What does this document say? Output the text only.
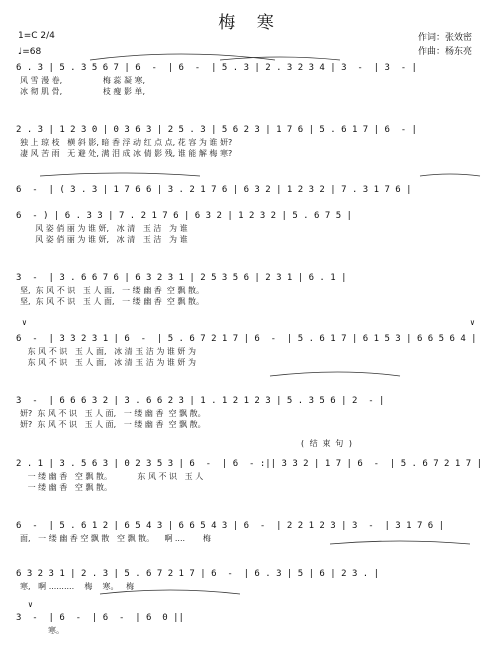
梅 寒
1=C 2/4
♩=68
作词：张效密
作曲：杨东亮
6 . 3 | 5 . 3 5 6 7 | 6  -  | 6  -  | 5 . 3 | 2 . 3 2 3 4 | 3  -  | 3  - |
风 雪 漫 卷,                梅 蕊 凝 寒,
冰 彻 肌 骨,                枝 瘦 影 单,
2 . 3 | 1 2 3 0 | 0 3 6 3 | 2 5 . 3 | 5 6 2 3 | 1 7 6 | 5 . 6 1 7 | 6  - |
独 上 琼 枝   横 斜 影, 暗 香 浮 动 红 点 点, 花 容 为 谁 妍?
凄 风 苦 雨   无 避 处, 满 泪 成 冰 倩 影 残, 谁 能 解 梅 寒?
6  -  | ( 3 . 3 | 1 7 6 6 | 3 . 2 1 7 6 | 6 3 2 | 1 2 3 2 | 7 . 3 1 7 6 |
6  - ) | 6 . 3 3 | 7 . 2 1 7 6 | 6 3 2 | 1 2 3 2 | 5 . 6 7 5 |
风 姿 俏 丽 为 谁 妍,   冰 清   玉 洁   为 谁
风 姿 俏 丽 为 谁 妍,   冰 清   玉 洁   为 谁
3  -  | 3 . 6 6 7 6 | 6 3 2 3 1 | 2 5 3 5 6 | 2 3 1 | 6 . 1 |
坚,  东 风 不 识   玉 人 面,   一 缕 幽 香  空 飘 散。
坚,  东 风 不 识   玉 人 面,   一 缕 幽 香  空 飘 散。
6  -  | 3 3 2 3 1 | 6  -  | 5 . 6 7 2 1 7 | 6  -  | 5 . 6 1 7 | 6 1 5 3 | 6 6 5 6 4 |
东 风 不 识   玉 人 面,   冰 清 玉 洁 为 谁 妍 为
东 风 不 识   玉 人 面,   冰 清 玉 洁 为 谁 妍 为
3  -  | 6 6 6 3 2 | 3 . 6 6 2 3 | 1 . 1 2 1 2 3 | 5 . 3 5 6 | 2  - |
妍?  东 风 不 识   玉 人 面,   一 缕 幽 香  空 飘 散。
妍?  东 风 不 识   玉 人 面,   一 缕 幽 香  空 飘 散。
2 . 1 | 3 . 5 6 3 | 0 2 3 5 3 | 6  -  | 6  - :|| 3 3 2 | 1 7 | 6  -  | 5 . 6 7 2 1 7 |
一 缕 幽 香   空 飘 散。          东 风 不 识   玉 人
一 缕 幽 香   空 飘 散。
6  -  | 5 . 6 1 2 | 6 5 4 3 | 6 6 5 4 3 | 6  -  | 2 2 1 2 3 | 3  -  | 3 1 7 6 |
面,   一 缕 幽 香 空 飘 散   空 飘 散。    啊 ....       梅
6 3 2 3 1 | 2 . 3 | 5 . 6 7 2 1 7 | 6  -  | 6 . 3 | 5 | 6 | 2 3 . |
寒,   啊 ..........    梅    寒。   梅
3  -  | 6  -  | 6  -  | 6  0 ||
寒。
( 结 束 句 )
∨	∨
∨
